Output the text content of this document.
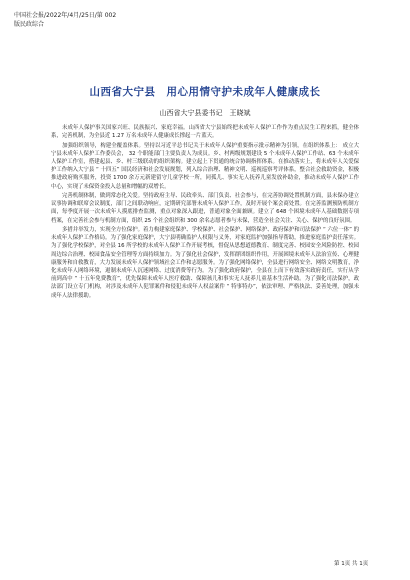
中国社会报/2022年/4月/25日/第 002
版民政综合
山西省大宁县　用心用情守护未成年人健康成长
山西省大宁县委书记　王晓斌

未成年人保护事关国家兴旺、民族振兴、家庭幸福。山西省大宁县始终把未成年人保护工作作为重点民生工程来抓，健全体系，完善机制，为全县近 1.27 万名未成年人健康成长撑起一片蓝天。

加强组织领导，构建全覆盖体系。坚持以习近平总书记关于未成年人保护重要指示批示精神为引领，在组织体系上： 成立大宁县未成年人保护工作委员会， 32 个职能部门主要负责人为成员。乡、村两级规划建设 5 个未成年人保护工作站、63 个未成年人保护工作室，搭建起县、乡、村三级联动的组织架构。建立起上下贯通的统合协调指挥体系。在推动落实上，将未成年人关爱保护工作纳入大宁县 “ 十四五” 国民经济和社会发展规划，列入综合治理、精神文明、巡视巡察考评体系，整合社会救助资金，积极推进政府购买服务，投资 1700 余万元新建留守儿童学校一所，同孤儿、事实无人抚养儿童发放补助金，推动未成年人保护工作中心，实现了未保资金投入总量和增幅的双增长。

完善机制体制，做到常态化关爱。坚持政府主导、民政牵头、部门负责、社会参与，在完善协调处置机制方面，县未保办建立议事协调和联席会议制度，部门之间联动响应，定期研究部署未成年人保护工作，及时开展个案会商处置。在完善监测预防机制方面，每季度开展一次未成年人摸底排查监测，重点对象深入跟进，普通对象全面兼顾。建立了 648 个困境未成年人基础数据专项档案，在完善社会参与机制方面，组织 25 个社会组织和 300 余名志愿者参与未保，营造全社会关注、关心、保护的良好氛围。

多措并举发力，实现全方位保护。着力构建家庭保护、学校保护、社会保护、网络保护、政府保护和司法保护 “ 六位一体” 的未成年人保护工作格局。为了强化家庭保护，大宁县明确监护人权限与义务，对家庭监护加强指导帮助，推进家庭监护责任落实。为了强化学校保护，对全县 16 所学校的未成年人保护工作开展考核，督促从思想道德教育、制度完善、校园安全风险防控、校园周边综合治理、校园食品安全管理等方面持续加力。为了强化社会保护，发挥群团组织作用，开展困境未成年人法治宣传、心理健康服务和自救教育，大力发展未成年人保护领域社会工作和志愿服务。为了强化网络保护，全县进行网络安全、网络文明教育，净化未成年人网络环境，遏制未成年人沉迷网络、过度消费等行为。为了强化政府保护，全县在上而下有效落实政府责任，实行从学前到高中 “ 十五年免费教育”，优先保障未成年人医疗救助、保障孩儿和事实无人抚养儿童基本生活补助。为了强化司法保护，政法部门设立专门机构，对涉及未成年人犯罪案件和侵犯未成年人权益案件 “ 特事特办”，依法审理、严格执法、妥善处理，加强未成年人法律援助。

第 1页 共 1页
